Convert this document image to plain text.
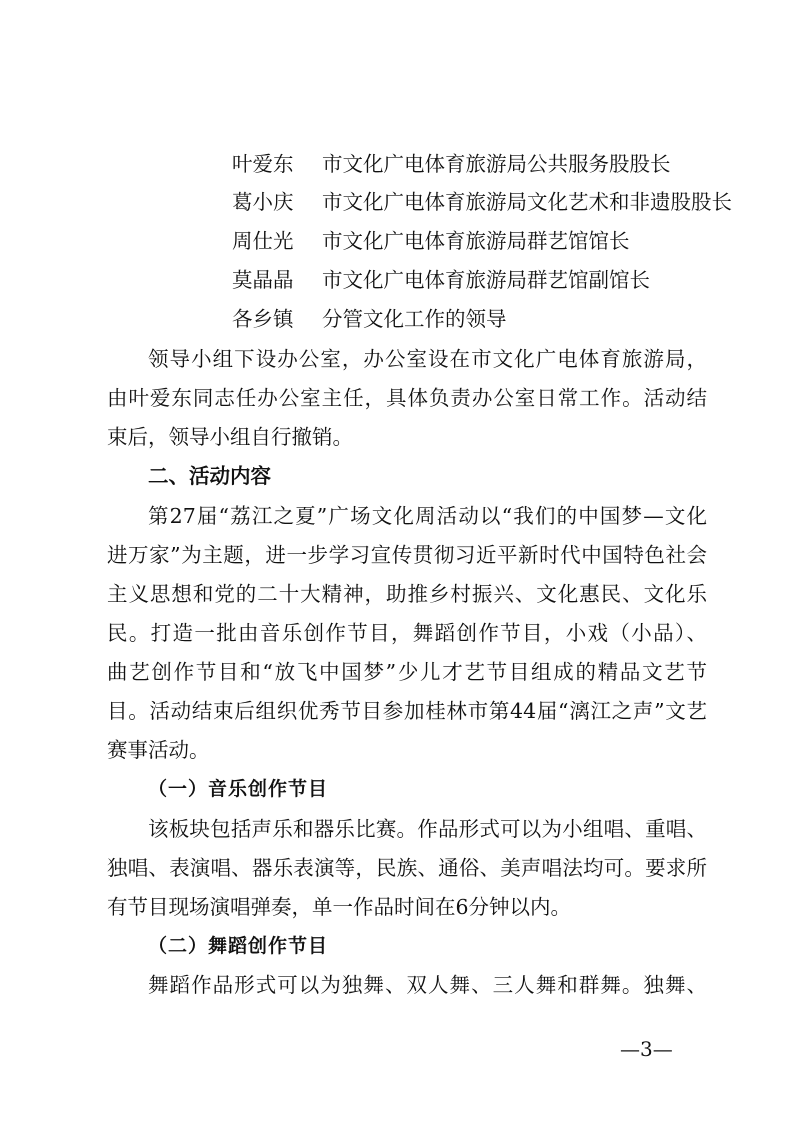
叶爱东 市文化广电体育旅游局公共服务股股长
葛小庆 市文化广电体育旅游局文化艺术和非遗股股长
周仕光 市文化广电体育旅游局群艺馆馆长
莫晶晶 市文化广电体育旅游局群艺馆副馆长
各乡镇 分管文化工作的领导
领导小组下设办公室，办公室设在市文化广电体育旅游局，
由叶爱东同志任办公室主任，具体负责办公室日常工作。活动结
束后，领导小组自行撤销。
二、活动内容
第27届“荔江之夏”广场文化周活动以“我们的中国梦—文化
进万家”为主题，进一步学习宣传贯彻习近平新时代中国特色社会
主义思想和党的二十大精神，助推乡村振兴、文化惠民、文化乐
民。打造一批由音乐创作节目，舞蹈创作节目，小戏（小品）、
曲艺创作节目和“放飞中国梦”少儿才艺节目组成的精品文艺节
目。活动结束后组织优秀节目参加桂林市第44届“漓江之声”文艺
赛事活动。
（一）音乐创作节目
该板块包括声乐和器乐比赛。作品形式可以为小组唱、重唱、
独唱、表演唱、器乐表演等，民族、通俗、美声唱法均可。要求所
有节目现场演唱弹奏，单一作品时间在6分钟以内。
（二）舞蹈创作节目
舞蹈作品形式可以为独舞、双人舞、三人舞和群舞。独舞、
—3—
